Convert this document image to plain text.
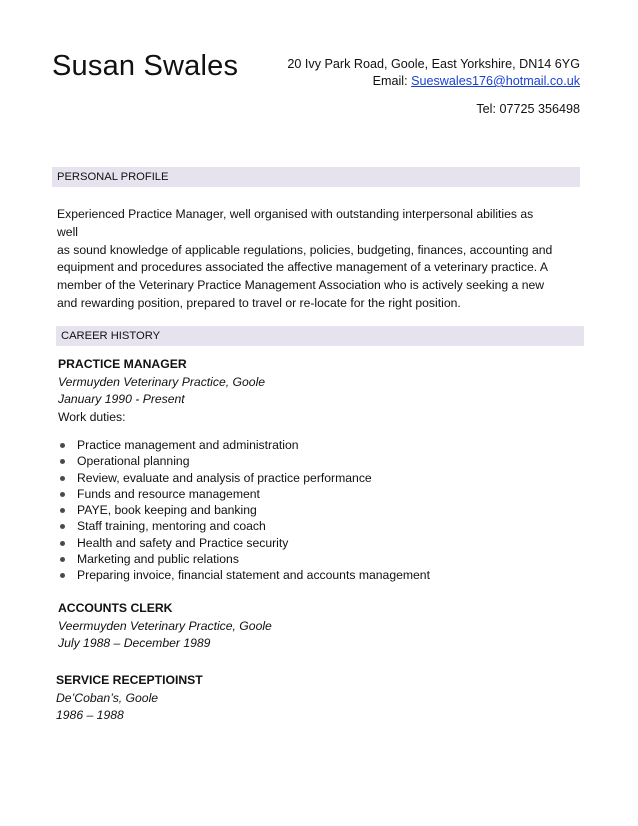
Susan Swales	20 Ivy Park Road, Goole, East Yorkshire, DN14 6YG
Email: Sueswales176@hotmail.co.uk
Tel: 07725 356498
PERSONAL PROFILE
Experienced Practice Manager, well organised with outstanding interpersonal abilities as well
as sound knowledge of applicable regulations, policies, budgeting, finances, accounting and
equipment and procedures associated the affective management of a veterinary practice. A
member of the Veterinary Practice Management Association who is actively seeking a new
and rewarding position, prepared to travel or re-locate for the right position.
CAREER HISTORY
PRACTICE MANAGER
Vermuyden Veterinary Practice, Goole
January 1990 - Present
Work duties:
Practice management and administration
Operational planning
Review, evaluate and analysis of practice performance
Funds and resource management
PAYE, book keeping and banking
Staff training, mentoring and coach
Health and safety and Practice security
Marketing and public relations
Preparing invoice, financial statement and accounts management
ACCOUNTS CLERK
Veermuyden Veterinary Practice, Goole
July 1988 – December 1989
SERVICE RECEPTIOINST
De’Coban’s, Goole
1986 – 1988
